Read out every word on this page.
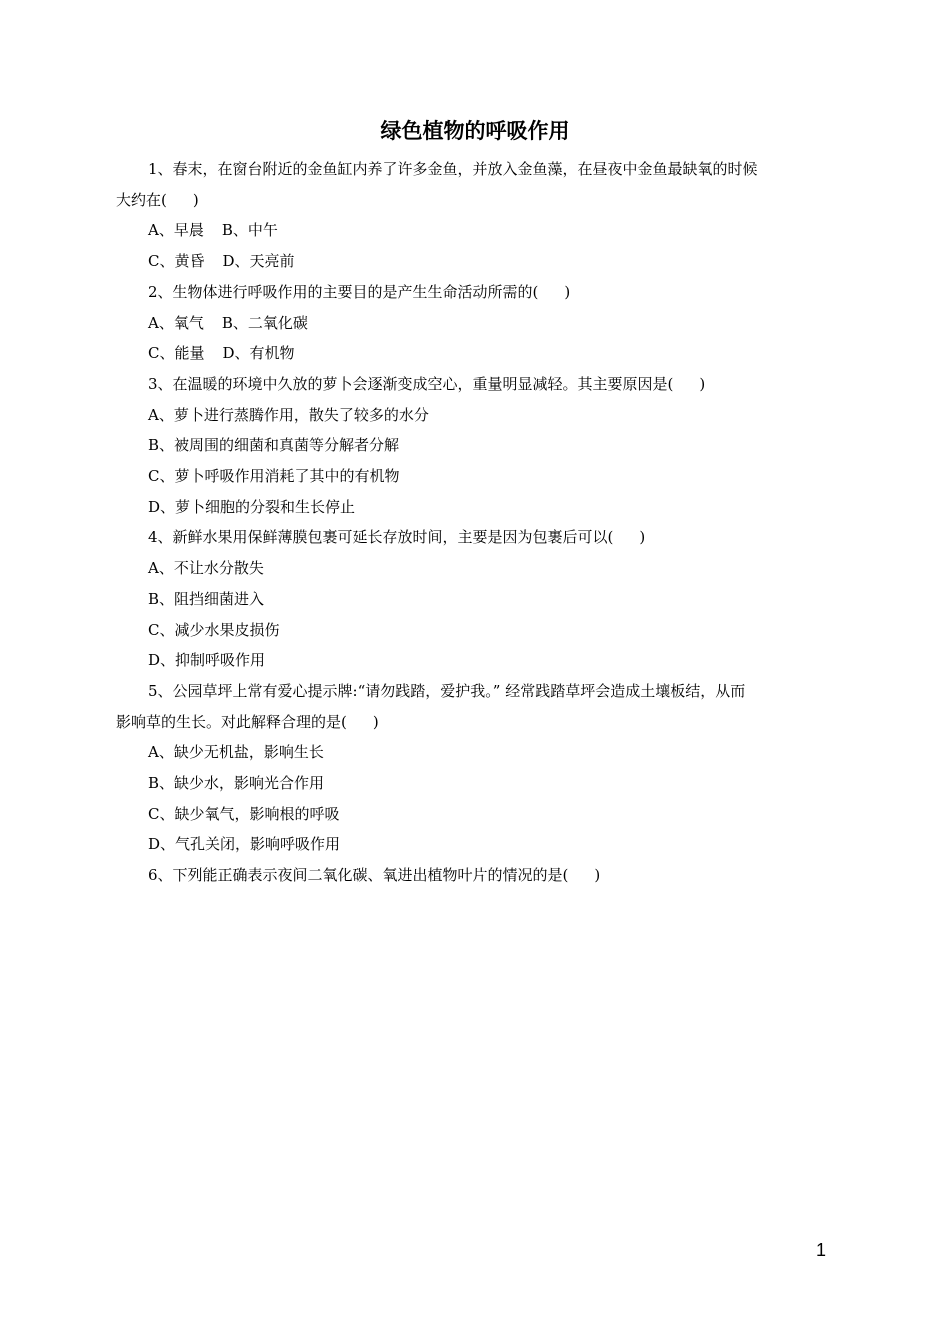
绿色植物的呼吸作用

1、春末，在窗台附近的金鱼缸内养了许多金鱼，并放入金鱼藻，在昼夜中金鱼最缺氧的时候

大约在( )

A、早晨 B、中午

C、黄昏 D、天亮前

2、生物体进行呼吸作用的主要目的是产生生命活动所需的( )

A、氧气 B、二氧化碳

C、能量 D、有机物

3、在温暖的环境中久放的萝卜会逐渐变成空心，重量明显减轻。其主要原因是( )

A、萝卜进行蒸腾作用，散失了较多的水分

B、被周围的细菌和真菌等分解者分解

C、萝卜呼吸作用消耗了其中的有机物

D、萝卜细胞的分裂和生长停止

4、新鲜水果用保鲜薄膜包裹可延长存放时间，主要是因为包裹后可以( )

A、不让水分散失

B、阻挡细菌进入

C、减少水果皮损伤

D、抑制呼吸作用

5、公园草坪上常有爱心提示牌:“请勿践踏，爱护我。” 经常践踏草坪会造成土壤板结，从而

影响草的生长。对此解释合理的是( )

A、缺少无机盐，影响生长

B、缺少水，影响光合作用

C、缺少氧气，影响根的呼吸

D、气孔关闭，影响呼吸作用

6、下列能正确表示夜间二氧化碳、氧进出植物叶片的情况的是( )

1
